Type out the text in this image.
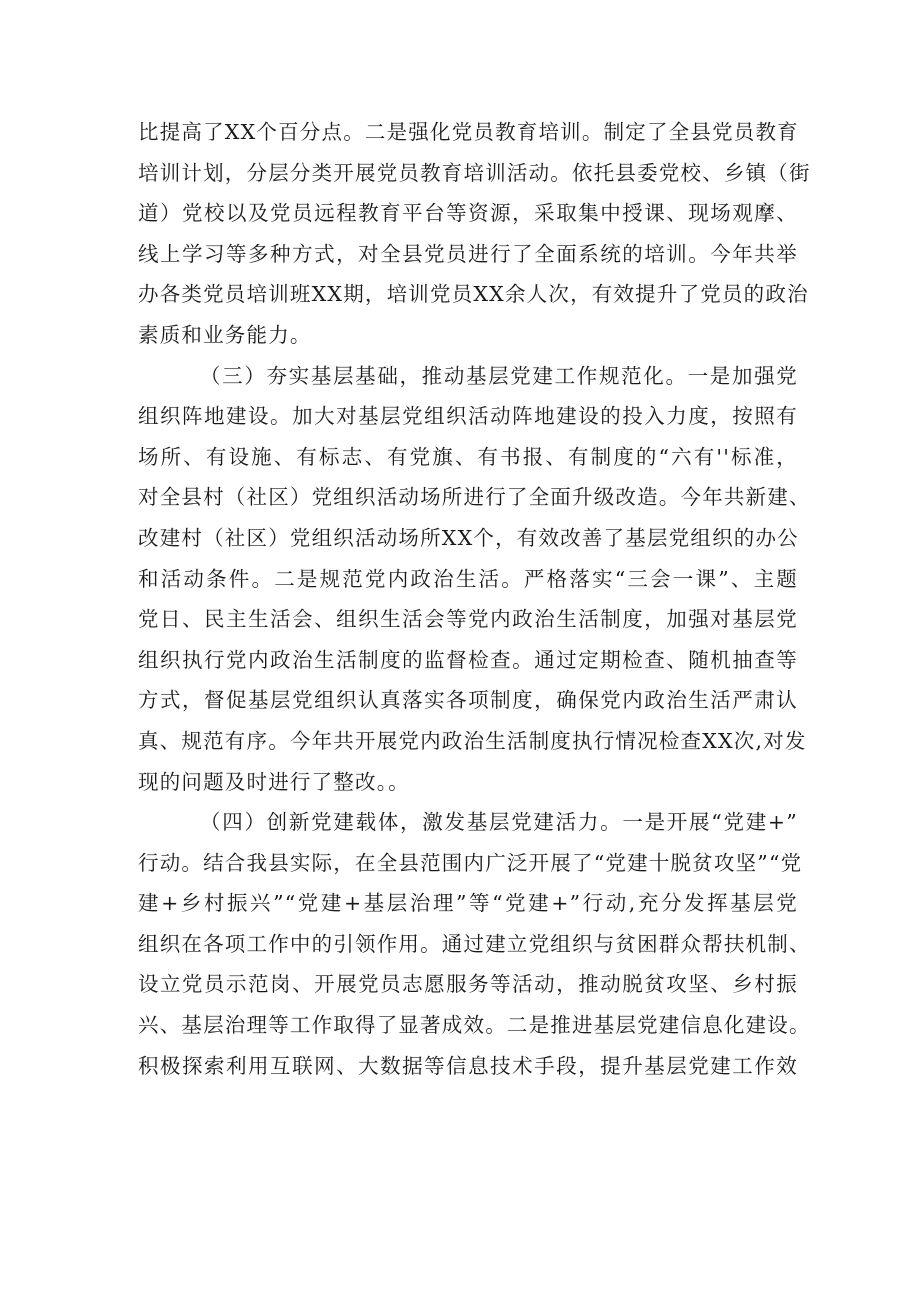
比提高了XX个百分点。二是强化党员教育培训。制定了全县党员教育
培训计划，分层分类开展党员教育培训活动。依托县委党校、乡镇（街
道）党校以及党员远程教育平台等资源，采取集中授课、现场观摩、
线上学习等多种方式，对全县党员进行了全面系统的培训。今年共举
办各类党员培训班XX期，培训党员XX余人次，有效提升了党员的政治
素质和业务能力。
（三）夯实基层基础，推动基层党建工作规范化。一是加强党
组织阵地建设。加大对基层党组织活动阵地建设的投入力度，按照有
场所、有设施、有标志、有党旗、有书报、有制度的“六有''标准，
对全县村（社区）党组织活动场所进行了全面升级改造。今年共新建、
改建村（社区）党组织活动场所XX个，有效改善了基层党组织的办公
和活动条件。二是规范党内政治生活。严格落实“三会一课”、主题
党日、民主生活会、组织生活会等党内政治生活制度，加强对基层党
组织执行党内政治生活制度的监督检查。通过定期检查、随机抽查等
方式，督促基层党组织认真落实各项制度，确保党内政治生活严肃认
真、规范有序。今年共开展党内政治生活制度执行情况检查XX次,对发
现的问题及时进行了整改。。
（四）创新党建载体，激发基层党建活力。一是开展“党建+”
行动。结合我县实际，在全县范围内广泛开展了“党建十脱贫攻坚”“党
建+乡村振兴”“党建+基层治理”等“党建+”行动,充分发挥基层党
组织在各项工作中的引领作用。通过建立党组织与贫困群众帮扶机制、
设立党员示范岗、开展党员志愿服务等活动，推动脱贫攻坚、乡村振
兴、基层治理等工作取得了显著成效。二是推进基层党建信息化建设。
积极探索利用互联网、大数据等信息技术手段，提升基层党建工作效
